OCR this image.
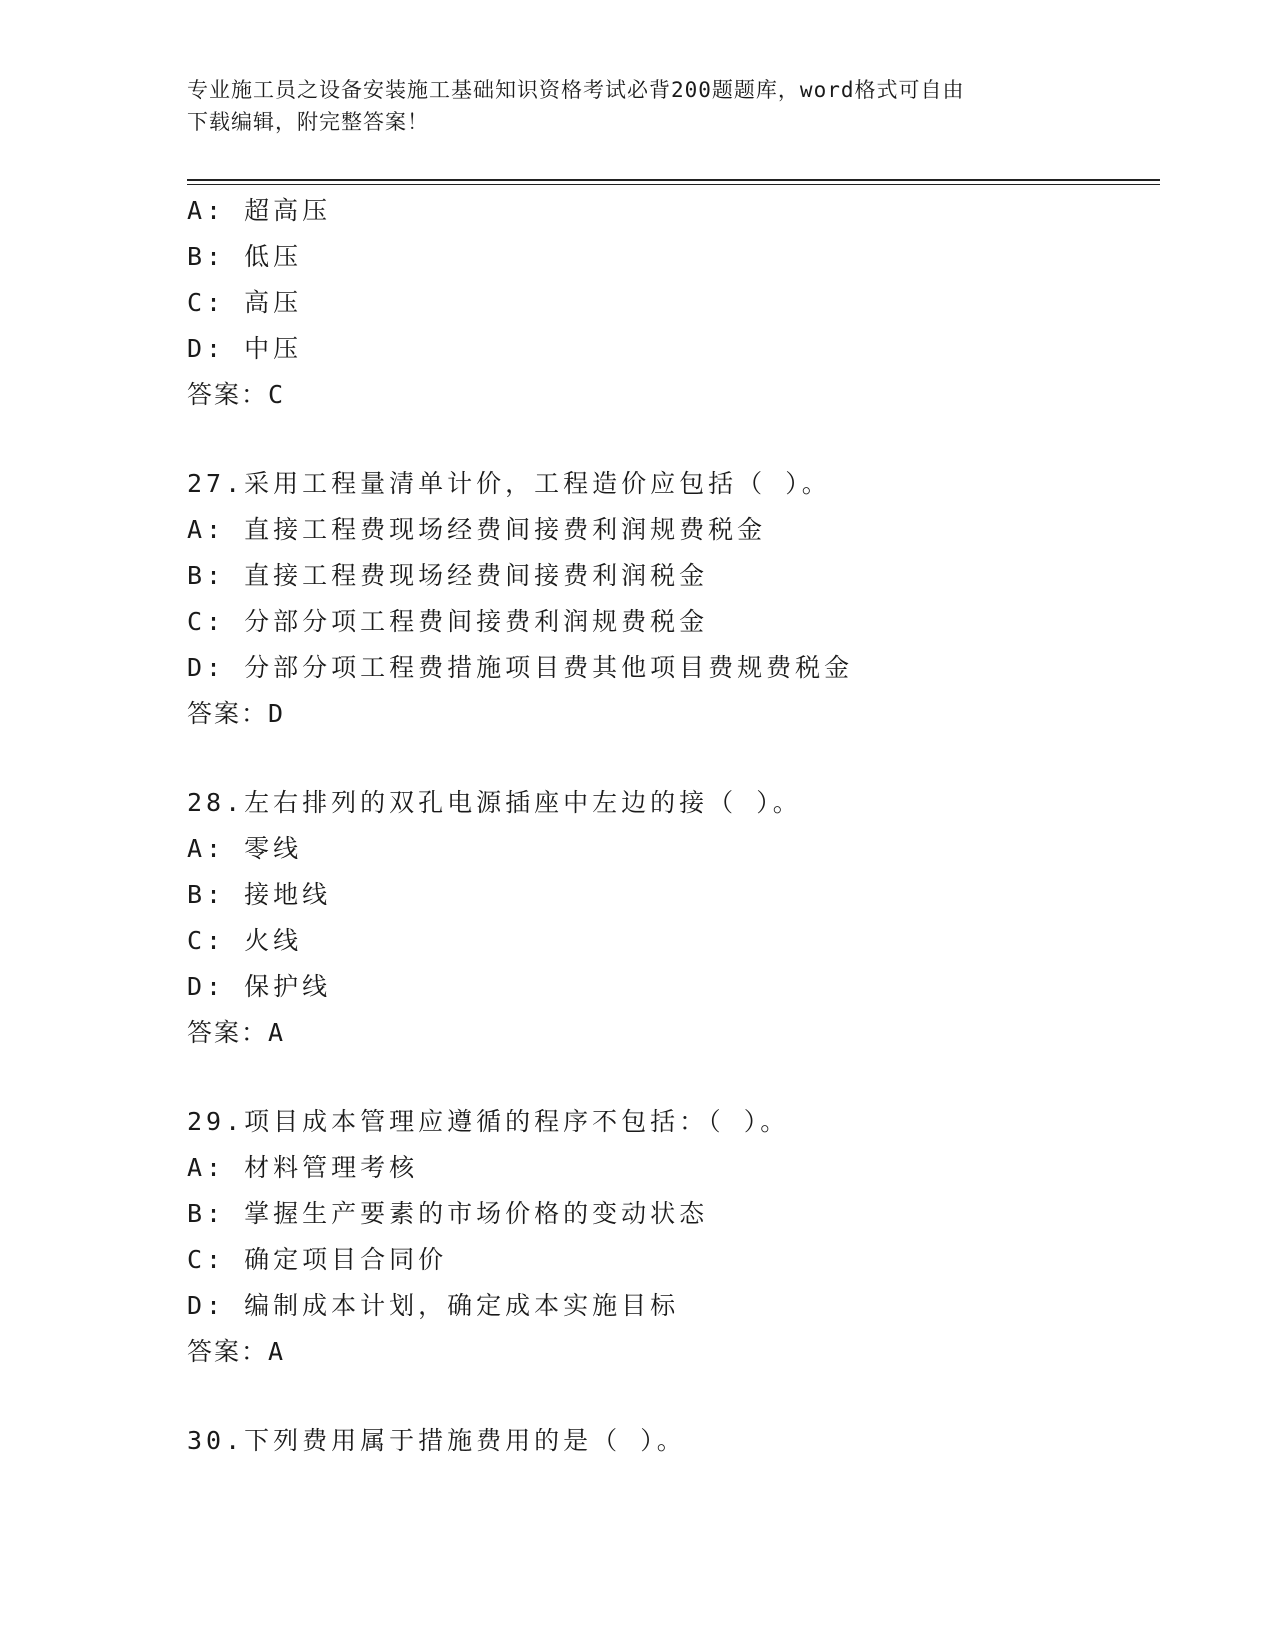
专业施工员之设备安装施工基础知识资格考试必背200题题库，word格式可自由
下载编辑，附完整答案！
A: 超高压
B: 低压
C: 高压
D: 中压
答案：C
27.采用工程量清单计价，工程造价应包括（ ）。
A: 直接工程费现场经费间接费利润规费税金
B: 直接工程费现场经费间接费利润税金
C: 分部分项工程费间接费利润规费税金
D: 分部分项工程费措施项目费其他项目费规费税金
答案：D
28.左右排列的双孔电源插座中左边的接（ ）。
A: 零线
B: 接地线
C: 火线
D: 保护线
答案：A
29.项目成本管理应遵循的程序不包括：（ ）。
A: 材料管理考核
B: 掌握生产要素的市场价格的变动状态
C: 确定项目合同价
D: 编制成本计划，确定成本实施目标
答案：A
30.下列费用属于措施费用的是（ ）。
